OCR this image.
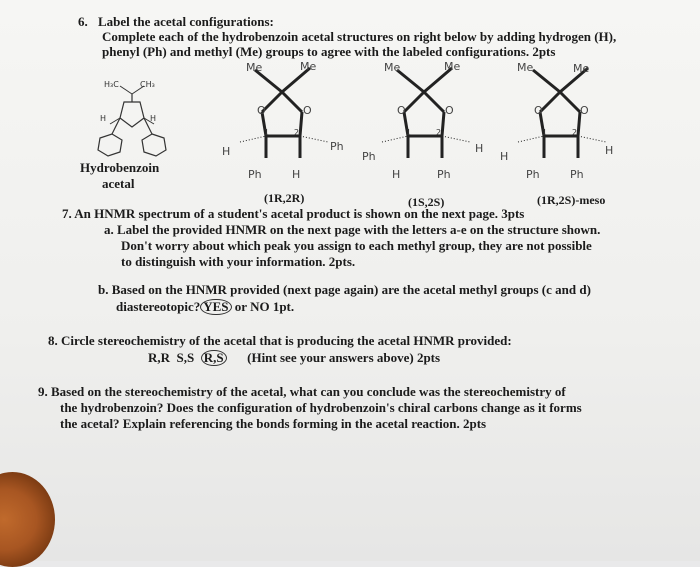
6. Label the acetal configurations:
Complete each of the hydrobenzoin acetal structures on right below by adding hydrogen (H),
phenyl (Ph) and methyl (Me) groups to agree with the labeled configurations. 2pts
H₃C	CH₃
H	H
Hydrobenzoin
acetal
Me	Me
O	O
1	2
H	Ph
Ph	H
Me	Me
O	O
1	2
Ph
H
H	Ph
Me	Me
O	O
1	2
H	H
Ph	Ph
(1R,2R)	(1S,2S)	(1R,2S)-meso
7. An HNMR spectrum of a student's acetal product is shown on the next page. 3pts
a. Label the provided HNMR on the next page with the letters a-e on the structure shown.
Don't worry about which peak you assign to each methyl group, they are not possible
to distinguish with your information. 2pts.
b. Based on the HNMR provided (next page again) are the acetal methyl groups (c and d)
diastereotopic? YES or NO 1pt.
8. Circle stereochemistry of the acetal that is producing the acetal HNMR provided:
R,R S,S R,S (Hint see your answers above) 2pts
9. Based on the stereochemistry of the acetal, what can you conclude was the stereochemistry of
the hydrobenzoin? Does the configuration of hydrobenzoin's chiral carbons change as it forms
the acetal? Explain referencing the bonds forming in the acetal reaction. 2pts
